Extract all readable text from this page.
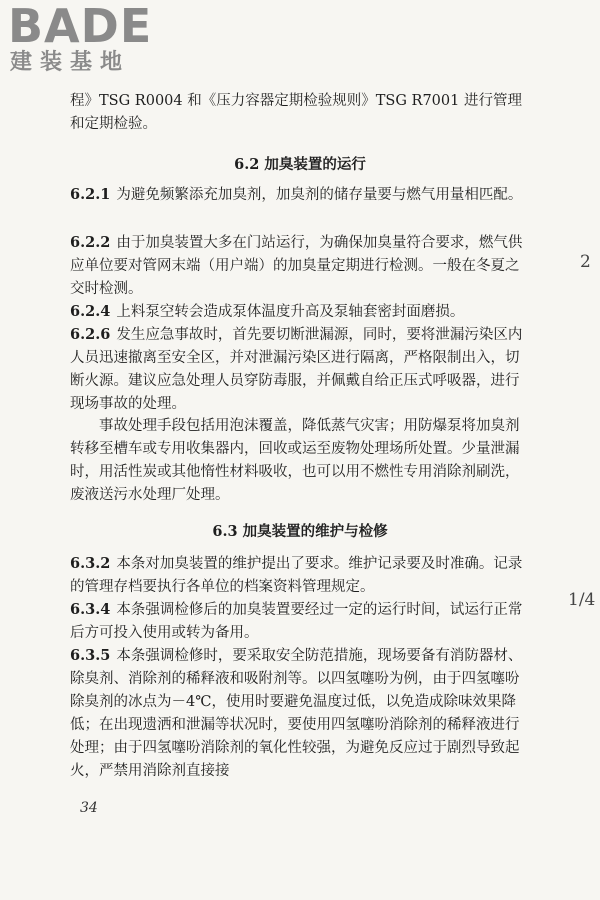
BADE
建装基地

程》TSG R0004 和《压力容器定期检验规则》TSG R7001 进行管理和定期检验。

6.2 加臭装置的运行

6.2.1 为避免频繁添充加臭剂，加臭剂的储存量要与燃气用量相匹配。

6.2.2 由于加臭装置大多在门站运行，为确保加臭量符合要求，燃气供应单位要对管网末端（用户端）的加臭量定期进行检测。一般在冬夏之交时检测。

6.2.4 上料泵空转会造成泵体温度升高及泵轴套密封面磨损。

6.2.6 发生应急事故时，首先要切断泄漏源，同时，要将泄漏污染区内人员迅速撤离至安全区，并对泄漏污染区进行隔离，严格限制出入，切断火源。建议应急处理人员穿防毒服，并佩戴自给正压式呼吸器，进行现场事故的处理。

事故处理手段包括用泡沫覆盖，降低蒸气灾害；用防爆泵将加臭剂转移至槽车或专用收集器内，回收或运至废物处理场所处置。少量泄漏时，用活性炭或其他惰性材料吸收，也可以用不燃性专用消除剂刷洗，废液送污水处理厂处理。

6.3 加臭装置的维护与检修

6.3.2 本条对加臭装置的维护提出了要求。维护记录要及时准确。记录的管理存档要执行各单位的档案资料管理规定。

6.3.4 本条强调检修后的加臭装置要经过一定的运行时间，试运行正常后方可投入使用或转为备用。

6.3.5 本条强调检修时，要采取安全防范措施，现场要备有消防器材、除臭剂、消除剂的稀释液和吸附剂等。以四氢噻吩为例，由于四氢噻吩除臭剂的冰点为－4℃，使用时要避免温度过低，以免造成除味效果降低；在出现遗洒和泄漏等状况时，要使用四氢噻吩消除剂的稀释液进行处理；由于四氢噻吩消除剂的氧化性较强，为避免反应过于剧烈导致起火，严禁用消除剂直接接

2
1/4
34
